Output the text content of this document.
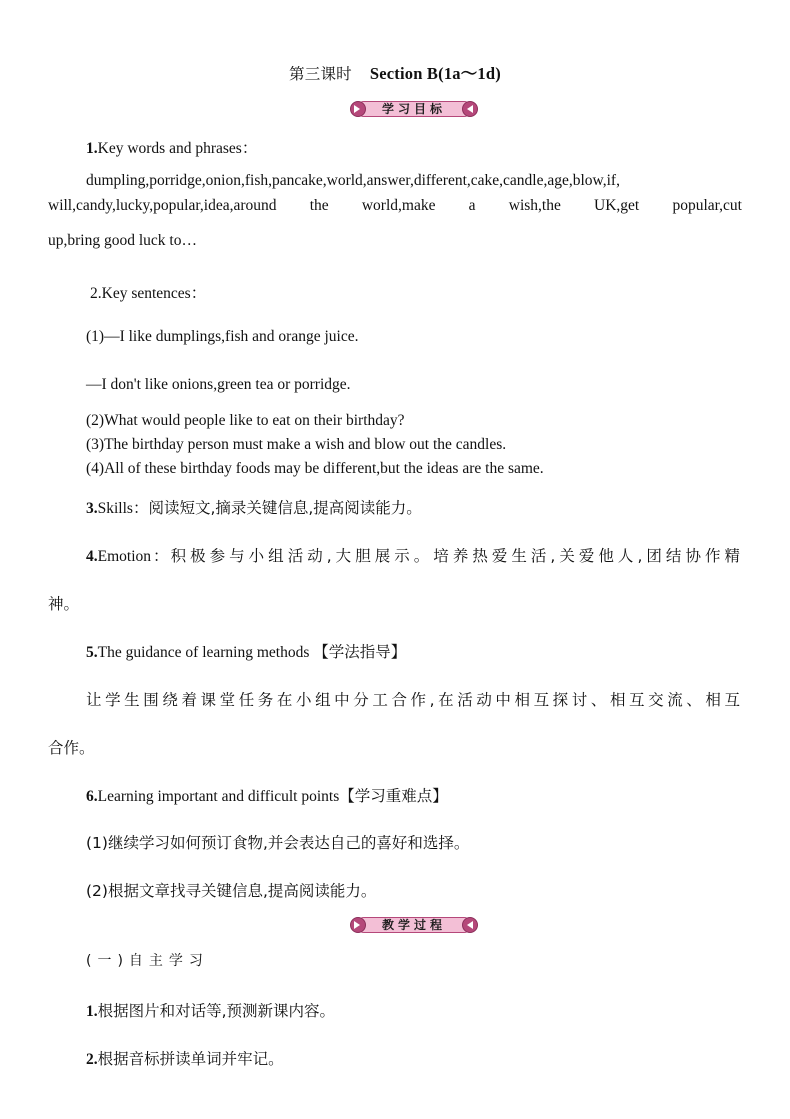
第三课时 Section B(1a～1d)
学习目标
1.Key words and phrases：
dumpling,porridge,onion,fish,pancake,world,answer,different,cake,candle,age,blow,if,
will,candy,lucky,popular,idea,around the world,make a wish,the UK,get popular,cut
up,bring good luck to…
2.Key sentences：
(1)—I like dumplings,fish and orange juice.
—I don't like onions,green tea or porridge.
(2)What would people like to eat on their birthday?
(3)The birthday person must make a wish and blow out the candles.
(4)All of these birthday foods may be different,but the ideas are the same.
3.Skills：阅读短文,摘录关键信息,提高阅读能力。
4.Emotion：积极参与小组活动,大胆展示。培养热爱生活,关爱他人,团结协作精
神。
5.The guidance of learning methods 【学法指导】
让学生围绕着课堂任务在小组中分工合作,在活动中相互探讨、相互交流、相互
合作。
6.Learning important and difficult points【学习重难点】
(1)继续学习如何预订食物,并会表达自己的喜好和选择。
(2)根据文章找寻关键信息,提高阅读能力。
教学过程
(一)自主学习
1.根据图片和对话等,预测新课内容。
2.根据音标拼读单词并牢记。
